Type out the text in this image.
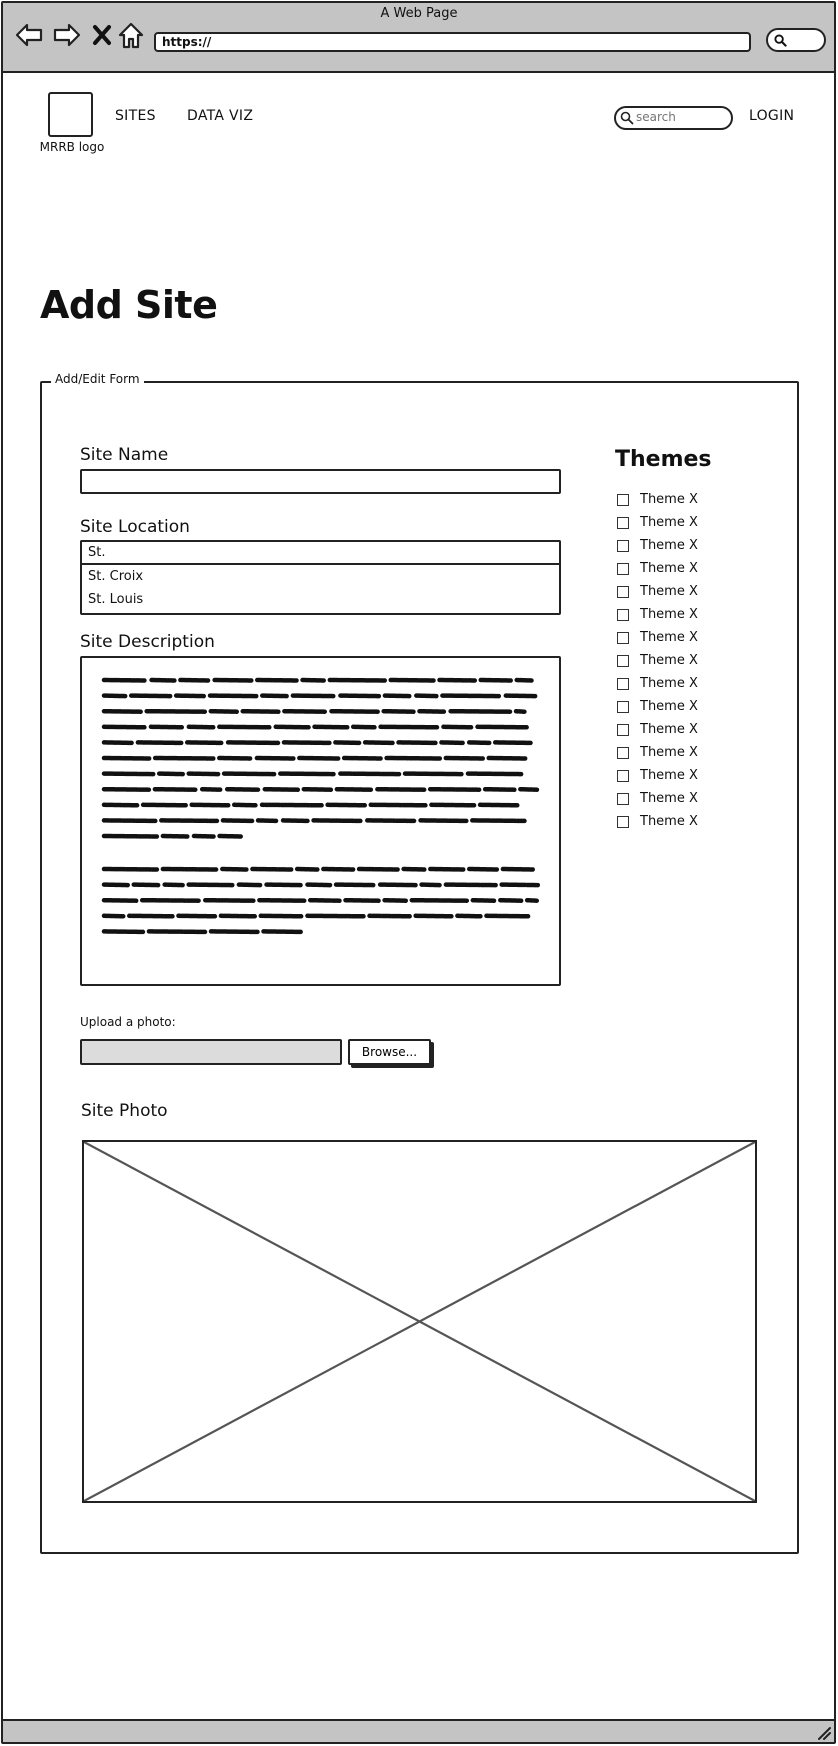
A Web Page
https://
MRRB logo
SITES DATA VIZ
search	LOGIN
Add Site
Add/Edit Form
Site Name
Site Location
St.
St. Croix
St. Louis
Site Description
Upload a photo:
Browse...
Site Photo
Themes
Theme X
Theme X
Theme X
Theme X
Theme X
Theme X
Theme X
Theme X
Theme X
Theme X
Theme X
Theme X
Theme X
Theme X
Theme X
